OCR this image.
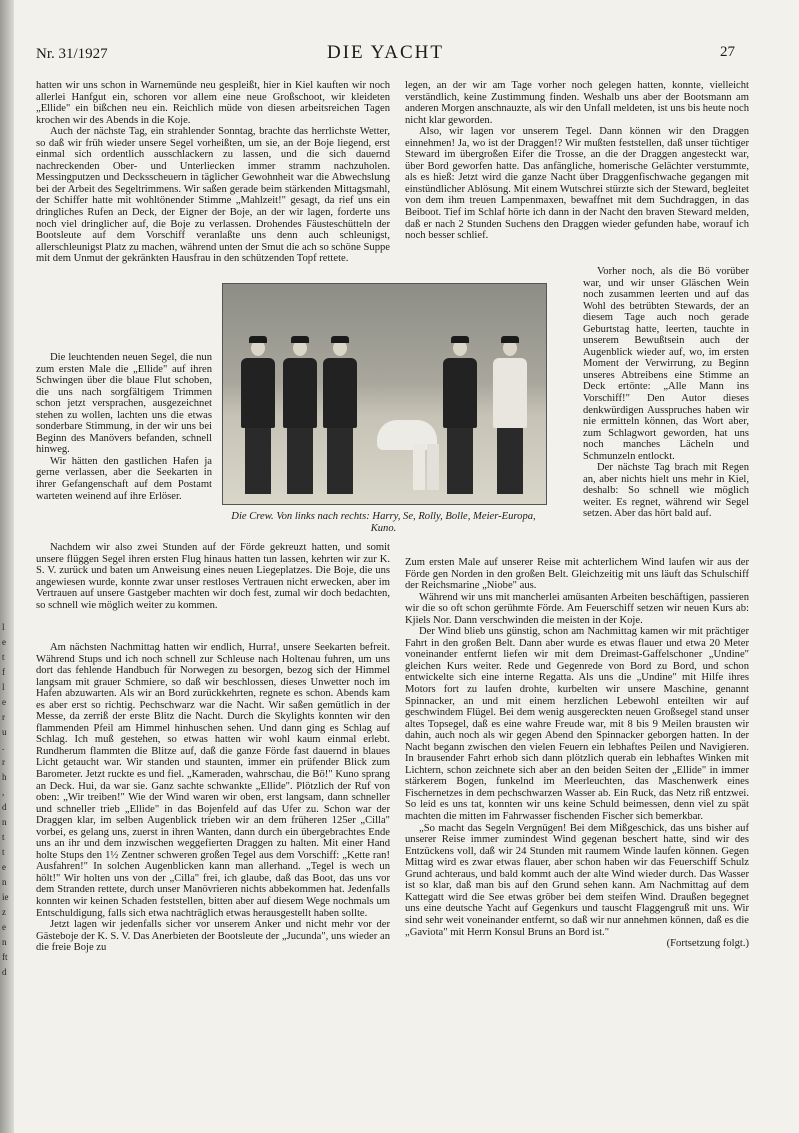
l
e
t
f
l
e
r
u
.
r
h
,
d
n
t
t
e
n
ie
z
e
n
ft
d
Nr. 31/1927	DIE YACHT	27

hatten wir uns schon in Warnemünde neu gespleißt, hier in Kiel kauften wir noch allerlei Hanfgut ein, schoren vor allem eine neue Großschoot, wir kleideten „Ellide" ein bißchen neu ein. Reichlich müde von diesen arbeitsreichen Tagen krochen wir des Abends in die Koje.

Auch der nächste Tag, ein strahlender Sonntag, brachte das herrlichste Wetter, so daß wir früh wieder unsere Segel vorheißten, um sie, an der Boje liegend, erst einmal sich ordentlich ausschlackern zu lassen, und die sich dauernd nachreckenden Ober- und Unterliecken immer stramm nachzuholen. Messingputzen und Decksscheuern in täglicher Gewohnheit war die Abwechslung bei der Arbeit des Segeltrimmens. Wir saßen gerade beim stärkenden Mittagsmahl, der Schiffer hatte mit wohltönender Stimme „Mahlzeit!" gesagt, da rief uns ein dringliches Rufen an Deck, der Eigner der Boje, an der wir lagen, forderte uns noch viel dringlicher auf, die Boje zu verlassen. Drohendes Fäusteschütteln der Bootsleute auf dem Vorschiff veranlaßte uns denn auch schleunigst, allerschleunigst Platz zu machen, während unten der Smut die ach so schöne Suppe mit dem Unmut der gekränkten Hausfrau in den schützenden Topf rettete.

Die leuchtenden neuen Segel, die nun zum ersten Male die „Ellide" auf ihren Schwingen über die blaue Flut schoben, die uns nach sorgfältigem Trimmen schon jetzt versprachen, ausgezeichnet stehen zu wollen, lachten uns die etwas sonderbare Stimmung, in der wir uns bei Beginn des Manövers befanden, schnell hinweg.

Wir hätten den gastlichen Hafen ja gerne verlassen, aber die Seekarten in ihrer Gefangenschaft auf dem Postamt warteten weinend auf ihre Erlöser.

Nachdem wir also zwei Stunden auf der Förde gekreuzt hatten, und somit unsere flüggen Segel ihren ersten Flug hinaus hatten tun lassen, kehrten wir zur K. S. V. zurück und baten um Anweisung eines neuen Liegeplatzes. Die Boje, die uns angewiesen wurde, konnte zwar unser restloses Vertrauen nicht erwecken, aber im Vertrauen auf unsere Gastgeber machten wir doch fest, zumal wir doch bedachten, so schnell wie möglich weiter zu kommen.

Am nächsten Nachmittag hatten wir endlich, Hurra!, unsere Seekarten befreit. Während Stups und ich noch schnell zur Schleuse nach Holtenau fuhren, um uns dort das fehlende Handbuch für Norwegen zu besorgen, bezog sich der Himmel langsam mit grauer Schmiere, so daß wir beschlossen, dieses Unwetter noch im Hafen abzuwarten. Als wir an Bord zurückkehrten, regnete es schon. Abends kam es aber erst so richtig. Pechschwarz war die Nacht. Wir saßen gemütlich in der Messe, da zerriß der erste Blitz die Nacht. Durch die Skylights konnten wir den flammenden Pfeil am Himmel hinhuschen sehen. Und dann ging es Schlag auf Schlag. Ich muß gestehen, so etwas hatten wir wohl kaum einmal erlebt. Rundherum flammten die Blitze auf, daß die ganze Förde fast dauernd in blaues Licht getaucht war. Wir standen und staunten, immer ein prüfender Blick zum Barometer. Jetzt ruckte es und fiel. „Kameraden, wahrschau, die Bö!" Kuno sprang an Deck. Hui, da war sie. Ganz sachte schwankte „Ellide". Plötzlich der Ruf von oben: „Wir treiben!" Wie der Wind waren wir oben, erst langsam, dann schneller und schneller trieb „Ellide" in das Bojenfeld auf das Ufer zu. Schon war der Draggen klar, im selben Augenblick trieben wir an dem früheren 125er „Cilla" vorbei, es gelang uns, zuerst in ihren Wanten, dann durch ein übergebrachtes Ende uns an ihr und dem inzwischen weggefierten Draggen zu halten. Mit einer Hand holte Stups den 1½ Zentner schweren großen Tegel aus dem Vorschiff: „Kette ran! Ausfahren!" In solchen Augenblicken kann man allerhand. „Tegel is wech un hölt!" Wir holten uns von der „Cilla" frei, ich glaube, daß das Boot, das uns vor dem Stranden rettete, durch unser Manövrieren nichts abbekommen hat. Jedenfalls konnten wir keinen Schaden feststellen, bitten aber auf diesem Wege nochmals um Entschuldigung, falls sich etwa nachträglich etwas herausgestellt haben sollte.

Jetzt lagen wir jedenfalls sicher vor unserem Anker und nicht mehr vor der Gästeboje der K. S. V. Das Anerbieten der Bootsleute der „Jucunda", uns wieder an die freie Boje zu

legen, an der wir am Tage vorher noch gelegen hatten, konnte, vielleicht verständlich, keine Zustimmung finden. Weshalb uns aber der Bootsmann am anderen Morgen anschnauzte, als wir den Unfall meldeten, ist uns bis heute noch nicht klar geworden.

Also, wir lagen vor unserem Tegel. Dann können wir den Draggen einnehmen! Ja, wo ist der Draggen!? Wir mußten feststellen, daß unser tüchtiger Steward im übergroßen Eifer die Trosse, an die der Draggen angesteckt war, über Bord geworfen hatte. Das anfängliche, homerische Gelächter verstummte, als es hieß: Jetzt wird die ganze Nacht über Draggenfischwache gegangen mit einstündlicher Ablösung. Mit einem Wutschrei stürzte sich der Steward, begleitet von dem ihm treuen Lampenmaxen, bewaffnet mit dem Suchdraggen, in das Beiboot. Tief im Schlaf hörte ich dann in der Nacht den braven Steward melden, daß er nach 2 Stunden Suchens den Draggen wieder gefunden habe, worauf ich noch besser schlief.

Vorher noch, als die Bö vorüber war, und wir unser Gläschen Wein noch zusammen leerten und auf das Wohl des betrübten Stewards, der an diesem Tage auch noch gerade Geburtstag hatte, leerten, tauchte in unserem Bewußtsein auch der Augenblick wieder auf, wo, im ersten Moment der Verwirrung, zu Beginn unseres Abtreibens eine Stimme an Deck ertönte: „Alle Mann ins Vorschiff!" Den Autor dieses denkwürdigen Ausspruches haben wir nie ermitteln können, das Wort aber, zum Schlagwort geworden, hat uns noch manches Lächeln und Schmunzeln entlockt.

Der nächste Tag brach mit Regen an, aber nichts hielt uns mehr in Kiel, deshalb: So schnell wie möglich weiter. Es regnet, während wir Segel setzen. Aber das hört bald auf.

Zum ersten Male auf unserer Reise mit achterlichem Wind laufen wir aus der Förde gen Norden in den großen Belt. Gleichzeitig mit uns läuft das Schulschiff der Reichsmarine „Niobe" aus.

Während wir uns mit mancherlei amüsanten Arbeiten beschäftigen, passieren wir die so oft schon gerühmte Förde. Am Feuerschiff setzen wir neuen Kurs ab: Kjiels Nor. Dann verschwinden die meisten in der Koje.

Der Wind blieb uns günstig, schon am Nachmittag kamen wir mit prächtiger Fahrt in den großen Belt. Dann aber wurde es etwas flauer und etwa 20 Meter voneinander entfernt liefen wir mit dem Dreimast-Gaffelschoner „Undine" gleichen Kurs weiter. Rede und Gegenrede von Bord zu Bord, und schon entwickelte sich eine interne Regatta. Als uns die „Undine" mit Hilfe ihres Motors fort zu laufen drohte, kurbelten wir unsere Maschine, genannt Spinnacker, an und mit einem herzlichen Lebewohl enteilten wir auf geschwindem Flügel. Bei dem wenig ausgereckten neuen Großsegel stand unser altes Topsegel, daß es eine wahre Freude war, mit 8 bis 9 Meilen brausten wir dahin, auch noch als wir gegen Abend den Spinnacker geborgen hatten. In der Nacht begann zwischen den vielen Feuern ein lebhaftes Peilen und Navigieren. In brausender Fahrt erhob sich dann plötzlich querab ein lebhaftes Winken mit Lichtern, schon zeichnete sich aber an den beiden Seiten der „Ellide" in immer stärkerem Bogen, funkelnd im Meerleuchten, das Maschenwerk eines Fischernetzes in dem pechschwarzen Wasser ab. Ein Ruck, das Netz riß entzwei. So leid es uns tat, konnten wir uns keine Schuld beimessen, denn viel zu spät machten die mitten im Fahrwasser fischenden Fischer sich bemerkbar.

„So macht das Segeln Vergnügen! Bei dem Mißgeschick, das uns bisher auf unserer Reise immer zumindest Wind gegenan beschert hatte, sind wir des Entzückens voll, daß wir 24 Stunden mit raumem Winde laufen können. Gegen Mittag wird es zwar etwas flauer, aber schon haben wir das Feuerschiff Schulz Grund achteraus, und bald kommt auch der alte Wind wieder durch. Das Wasser ist so klar, daß man bis auf den Grund sehen kann. Am Nachmittag auf dem Kattegatt wird die See etwas gröber bei dem steifen Wind. Draußen begegnet uns eine deutsche Yacht auf Gegenkurs und tauscht Flaggengruß mit uns. Wir sind sehr weit voneinander entfernt, so daß wir nur annehmen können, daß es die „Gaviota" mit Herrn Konsul Bruns an Bord ist."

(Fortsetzung folgt.)

Die Crew. Von links nach rechts: Harry, Se, Rolly, Bolle, Meier-Europa, Kuno.
